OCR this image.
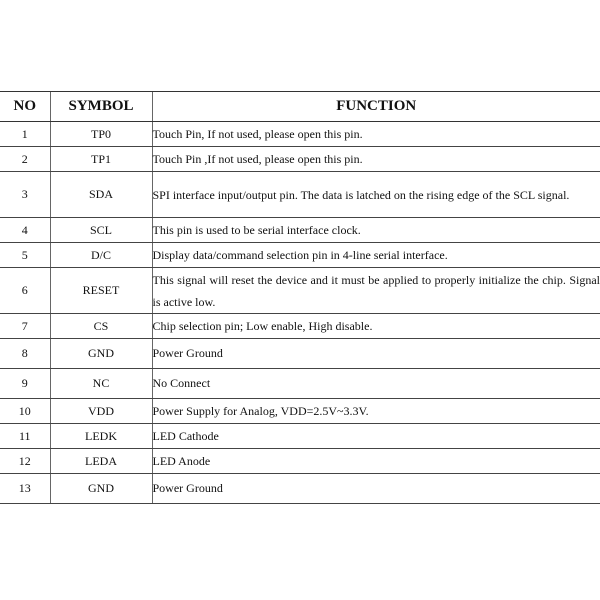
NO	SYMBOL	FUNCTION
1	TP0	Touch Pin, If not used, please open this pin.
2	TP1	Touch Pin ,If not used, please open this pin.
3	SDA	SPI interface input/output pin. The data is latched on the rising edge of the SCL signal.
4	SCL	This pin is used to be serial interface clock.
5	D/C	Display data/command selection pin in 4-line serial interface.
6	RESET	This signal will reset the device and it must be applied to properly initialize the chip. Signal is active low.
7	CS	Chip selection pin; Low enable, High disable.
8	GND	Power Ground
9	NC	No Connect
10	VDD	Power Supply for Analog, VDD=2.5V~3.3V.
11	LEDK	LED Cathode
12	LEDA	LED Anode
13	GND	Power Ground
